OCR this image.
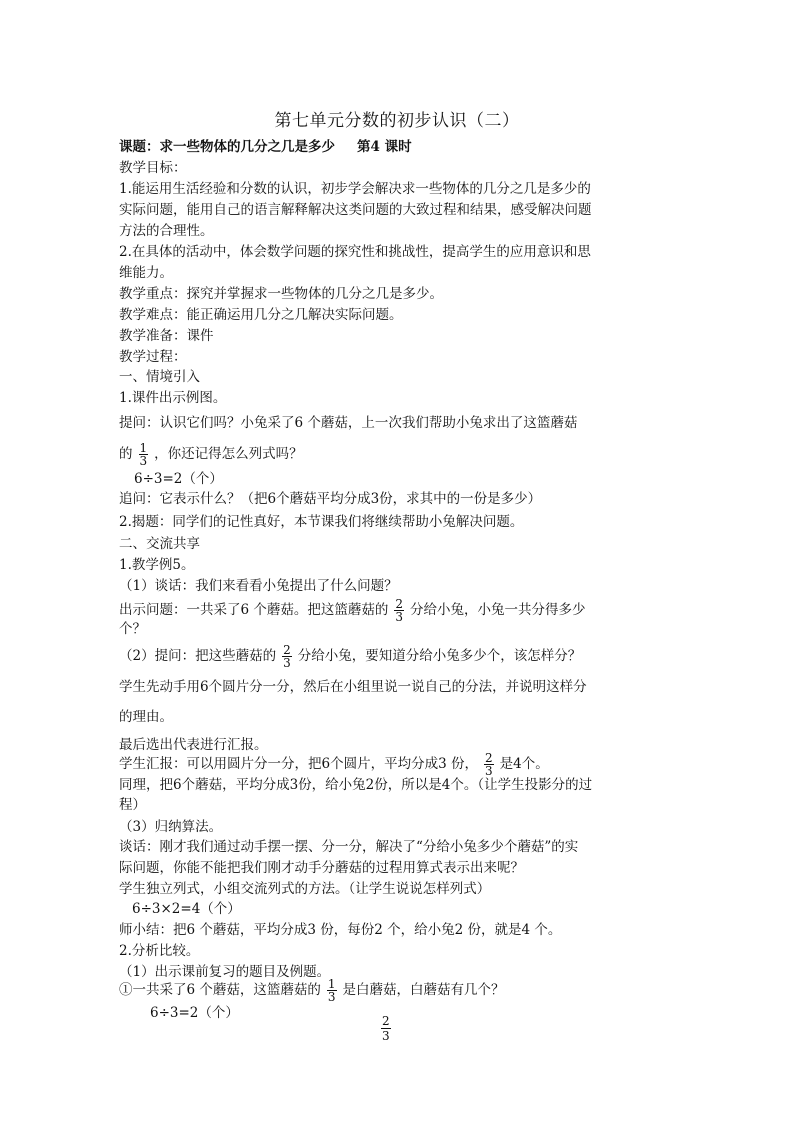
第七单元分数的初步认识（二）
课题：求一些物体的几分之几是多少 第4 课时
教学目标：
1.能运用生活经验和分数的认识，初步学会解决求一些物体的几分之几是多少的
实际问题，能用自己的语言解释解决这类问题的大致过程和结果，感受解决问题
方法的合理性。
2.在具体的活动中，体会数学问题的探究性和挑战性，提高学生的应用意识和思
维能力。
教学重点：探究并掌握求一些物体的几分之几是多少。
教学难点：能正确运用几分之几解决实际问题。
教学准备：课件
教学过程：
一、情境引入
1.课件出示例图。
提问：认识它们吗？小兔采了6 个蘑菇，上一次我们帮助小兔求出了这篮蘑菇
的 $\frac{1}{3}$ ，你还记得怎么列式吗？
6÷3=2（个）
追问：它表示什么？（把6个蘑菇平均分成3份，求其中的一份是多少）
2.揭题：同学们的记性真好，本节课我们将继续帮助小兔解决问题。
二、交流共享
1.教学例5。
（1）谈话：我们来看看小兔提出了什么问题？
出示问题：一共采了6 个蘑菇。把这篮蘑菇的 $\frac{2}{3}$ 分给小兔，小兔一共分得多少
个？
（2）提问：把这些蘑菇的 $\frac{2}{3}$ 分给小兔，要知道分给小兔多少个，该怎样分？
学生先动手用6个圆片分一分，然后在小组里说一说自己的分法，并说明这样分
的理由。
最后选出代表进行汇报。
学生汇报：可以用圆片分一分，把6个圆片，平均分成3 份， $\frac{2}{3}$ 是4个。
同理，把6个蘑菇，平均分成3份，给小兔2份，所以是4个。（让学生投影分的过
程）
（3）归纳算法。
谈话：刚才我们通过动手摆一摆、分一分，解决了“分给小兔多少个蘑菇”的实
际问题，你能不能把我们刚才动手分蘑菇的过程用算式表示出来呢？
学生独立列式，小组交流列式的方法。（让学生说说怎样列式）
6÷3×2=4（个）
师小结：把6 个蘑菇，平均分成3 份，每份2 个，给小兔2 份，就是4 个。
2.分析比较。
（1）出示课前复习的题目及例题。
①一共采了6 个蘑菇，这篮蘑菇的 $\frac{1}{3}$ 是白蘑菇，白蘑菇有几个？
6÷3=2（个）
$\frac{2}{3}$
